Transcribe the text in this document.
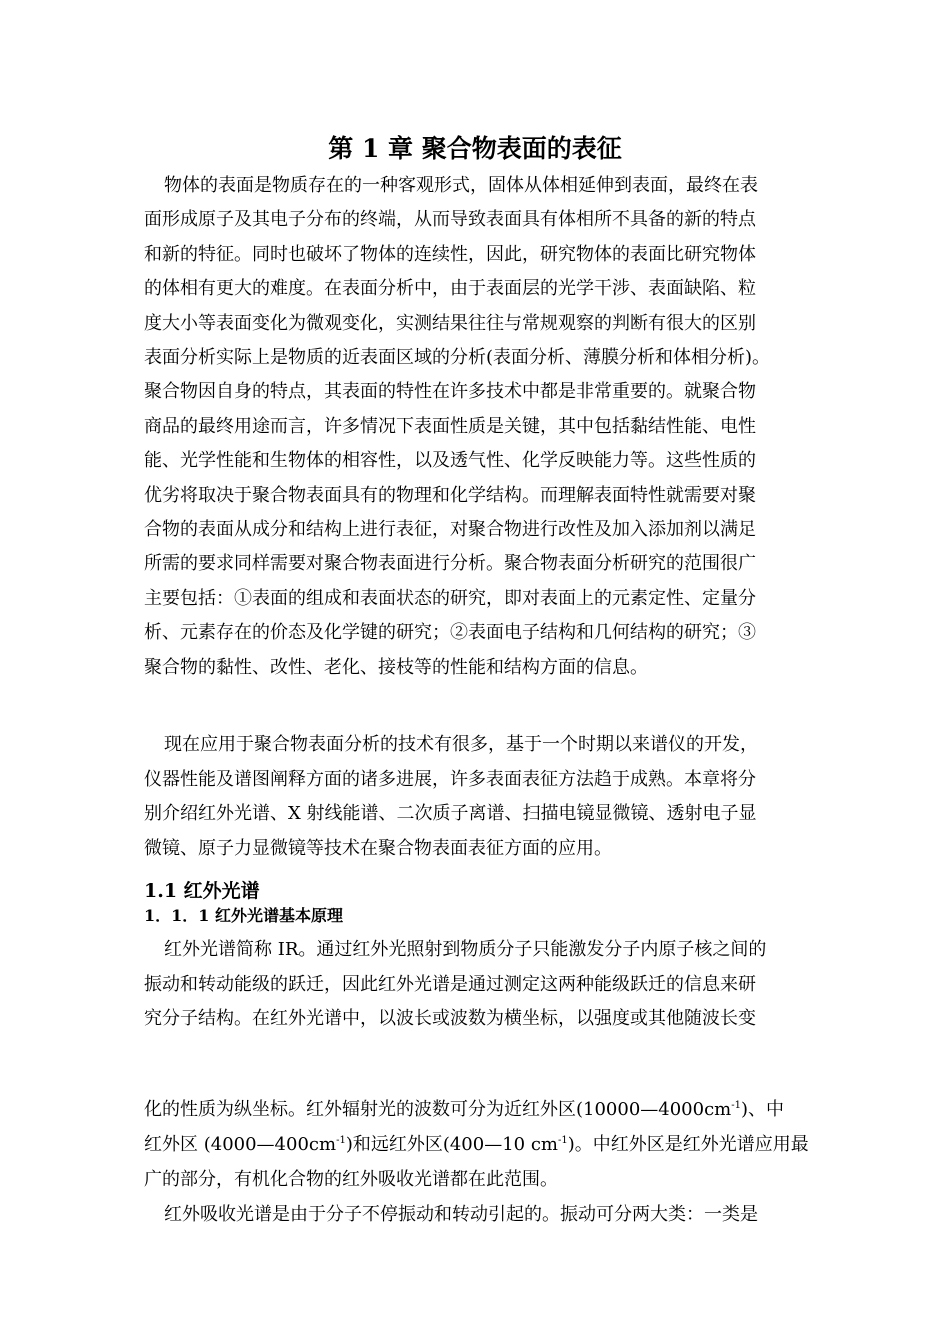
第 1 章 聚合物表面的表征
物体的表面是物质存在的一种客观形式，固体从体相延伸到表面，最终在表
面形成原子及其电子分布的终端，从而导致表面具有体相所不具备的新的特点
和新的特征。同时也破坏了物体的连续性，因此，研究物体的表面比研究物体
的体相有更大的难度。在表面分析中，由于表面层的光学干涉、表面缺陷、粒
度大小等表面变化为微观变化，实测结果往往与常规观察的判断有很大的区别
表面分析实际上是物质的近表面区域的分析(表面分析、薄膜分析和体相分析)。
聚合物因自身的特点，其表面的特性在许多技术中都是非常重要的。就聚合物
商品的最终用途而言，许多情况下表面性质是关键，其中包括黏结性能、电性
能、光学性能和生物体的相容性，以及透气性、化学反映能力等。这些性质的
优劣将取决于聚合物表面具有的物理和化学结构。而理解表面特性就需要对聚
合物的表面从成分和结构上进行表征，对聚合物进行改性及加入添加剂以满足
所需的要求同样需要对聚合物表面进行分析。聚合物表面分析研究的范围很广
主要包括：①表面的组成和表面状态的研究，即对表面上的元素定性、定量分
析、元素存在的价态及化学键的研究；②表面电子结构和几何结构的研究；③
聚合物的黏性、改性、老化、接枝等的性能和结构方面的信息。
现在应用于聚合物表面分析的技术有很多，基于一个时期以来谱仪的开发，
仪器性能及谱图阐释方面的诸多进展，许多表面表征方法趋于成熟。本章将分
别介绍红外光谱、X 射线能谱、二次质子离谱、扫描电镜显微镜、透射电子显
微镜、原子力显微镜等技术在聚合物表面表征方面的应用。
1.1 红外光谱
1．1．1 红外光谱基本原理
红外光谱简称 IR。通过红外光照射到物质分子只能激发分子内原子核之间的
振动和转动能级的跃迁，因此红外光谱是通过测定这两种能级跃迁的信息来研
究分子结构。在红外光谱中，以波长或波数为横坐标，以强度或其他随波长变
化的性质为纵坐标。红外辐射光的波数可分为近红外区$(10000—4000cm^{-1})$、中
红外区 $(4000—400cm^{-1})$和远红外区(400—10 $cm^{-1}$)。中红外区是红外光谱应用最
广的部分，有机化合物的红外吸收光谱都在此范围。
红外吸收光谱是由于分子不停振动和转动引起的。振动可分两大类：一类是
